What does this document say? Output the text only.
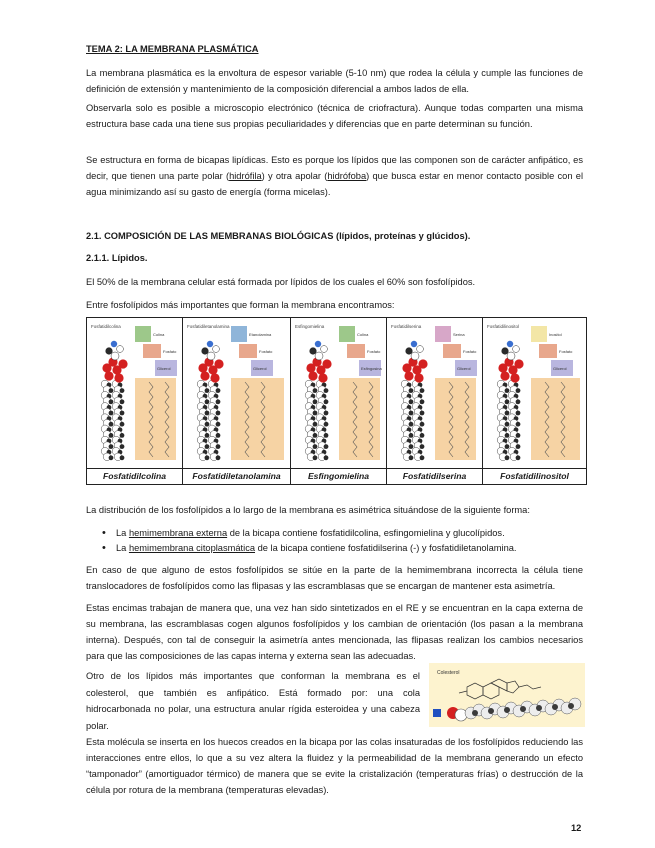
TEMA 2: LA MEMBRANA PLASMÁTICA

La membrana plasmática es la envoltura de espesor variable (5-10 nm) que rodea la célula y cumple las funciones de definición de extensión y mantenimiento de la composición diferencial a ambos lados de ella.

Observarla solo es posible a microscopio electrónico (técnica de criofractura). Aunque todas comparten una misma estructura base cada una tiene sus propias peculiaridades y diferencias que en parte determinan su función.

Se estructura en forma de bicapas lipídicas. Esto es porque los lípidos que las componen son de carácter anfipático, es decir, que tienen una parte polar (hidrófila) y otra apolar (hidrófoba) que busca estar en menor contacto posible con el agua minimizando así su gasto de energía (forma micelas).

2.1. COMPOSICIÓN DE LAS MEMBRANAS BIOLÓGICAS (lípidos, proteínas y glúcidos).
2.1.1. Lípidos.

El 50% de la membrana celular está formada por lípidos de los cuales el 60% son fosfolípidos.

Entre fosfolípidos más importantes que forman la membrana encontramos:

Fosfatidilcolina
Colina
Fosfato
Glicerol	Fosfatidiletanolamina
Etanolamina
Fosfato
Glicerol	Esfingomielina
Colina
Fosfato
Esfingosina	Fosfatidilserina
Serina
Fosfato
Glicerol	Fosfatidilinositol
Inositol
Fosfato
Glicerol

Fosfatidilcolina	Fosfatidiletanolamina	Esfingomielina	Fosfatidilserina	Fosfatidilinositol

La distribución de los fosfolípidos a lo largo de la membrana es asimétrica situándose de la siguiente forma:

• La hemimembrana externa de la bicapa contiene fosfatidilcolina, esfingomielina y glucolípidos.
• La hemimembrana citoplasmática de la bicapa contiene fosfatidilserina (-) y fosfatidiletanolamina.

En caso de que alguno de estos fosfolípidos se sitúe en la parte de la hemimembrana incorrecta la célula tiene translocadores de fosfolípidos como las flipasas y las escramblasas que se encargan de mantener esta asimetría.

Estas encimas trabajan de manera que, una vez han sido sintetizados en el RE y se encuentran en la capa externa de su membrana, las escramblasas cogen algunos fosfolípidos y los cambian de orientación (los pasan a la membrana interna). Después, con tal de conseguir la asimetría antes mencionada, las flipasas realizan los cambios necesarios para que las composiciones de las capas interna y externa sean las adecuadas.

Otro de los lípidos más importantes que conforman la membrana es el colesterol, que también es anfipático. Está formado por: una cola hidrocarbonada no polar, una estructura anular rígida esteroidea y una cabeza polar.

Colesterol

Esta molécula se inserta en los huecos creados en la bicapa por las colas insaturadas de los fosfolípidos reduciendo las interacciones entre ellos, lo que a su vez altera la fluidez y la permeabilidad de la membrana generando un efecto “tamponador” (amortiguador térmico) de manera que se evite la cristalización (temperaturas frías) o destrucción de la célula por rotura de la membrana (temperaturas elevadas).

12
